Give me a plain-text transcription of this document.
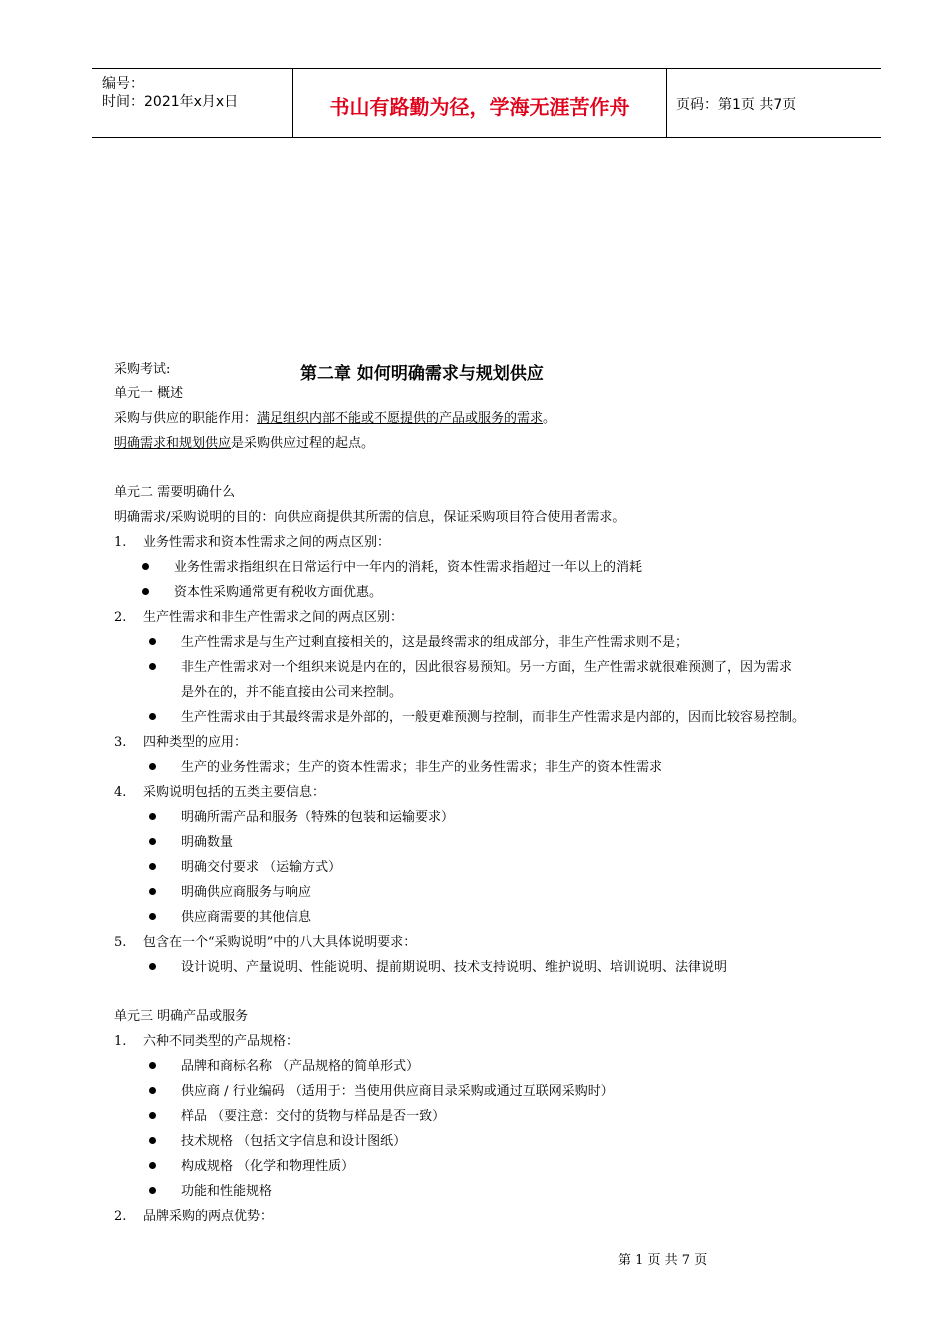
编号：
时间：2021年x月x日	书山有路勤为径，学海无涯苦作舟	页码：第1页 共7页
采购考试:	第二章 如何明确需求与规划供应
单元一 概述
采购与供应的职能作用：满足组织内部不能或不愿提供的产品或服务的需求。
明确需求和规划供应是采购供应过程的起点。
单元二 需要明确什么
明确需求/采购说明的目的：向供应商提供其所需的信息，保证采购项目符合使用者需求。
1. 业务性需求和资本性需求之间的两点区别：
业务性需求指组织在日常运行中一年内的消耗，资本性需求指超过一年以上的消耗
资本性采购通常更有税收方面优惠。
2. 生产性需求和非生产性需求之间的两点区别：
生产性需求是与生产过剩直接相关的，这是最终需求的组成部分，非生产性需求则不是；
非生产性需求对一个组织来说是内在的，因此很容易预知。另一方面，生产性需求就很难预测了，因为需求
是外在的，并不能直接由公司来控制。
生产性需求由于其最终需求是外部的，一般更难预测与控制，而非生产性需求是内部的，因而比较容易控制。
3. 四种类型的应用：
生产的业务性需求；生产的资本性需求；非生产的业务性需求；非生产的资本性需求
4. 采购说明包括的五类主要信息：
明确所需产品和服务（特殊的包装和运输要求）
明确数量
明确交付要求 （运输方式）
明确供应商服务与响应
供应商需要的其他信息
5. 包含在一个“采购说明”中的八大具体说明要求：
设计说明、产量说明、性能说明、提前期说明、技术支持说明、维护说明、培训说明、法律说明
单元三 明确产品或服务
1. 六种不同类型的产品规格：
品牌和商标名称 （产品规格的简单形式）
供应商 / 行业编码 （适用于：当使用供应商目录采购或通过互联网采购时）
样品 （要注意：交付的货物与样品是否一致）
技术规格 （包括文字信息和设计图纸）
构成规格 （化学和物理性质）
功能和性能规格
2. 品牌采购的两点优势：
第 1 页 共 7 页
